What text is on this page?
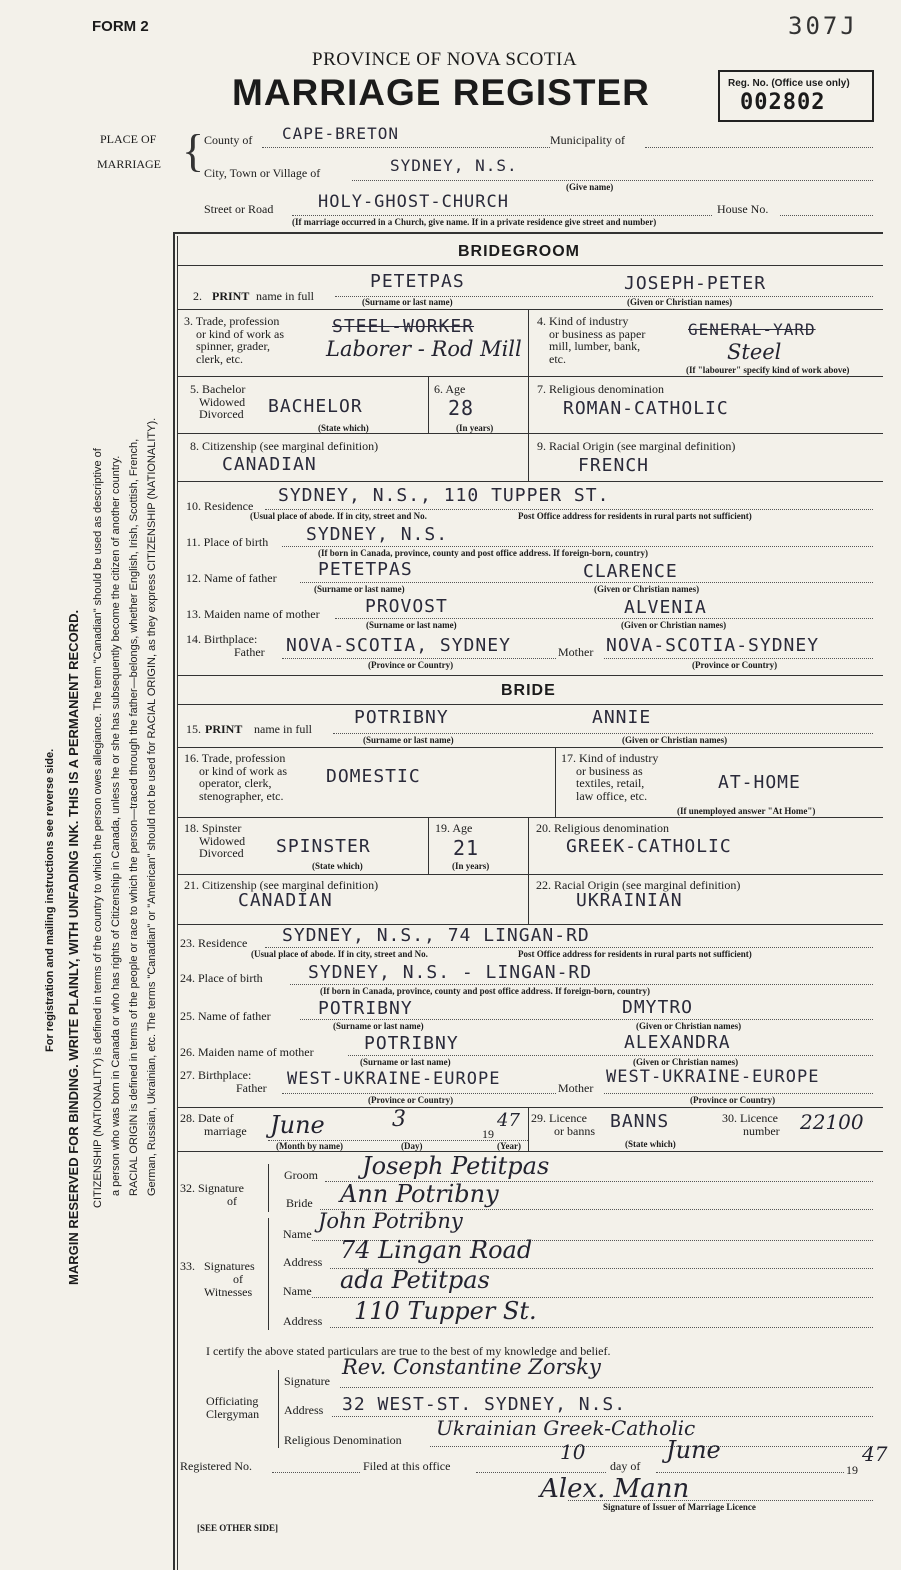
FORM 2	307J
PROVINCE OF NOVA SCOTIA
MARRIAGE REGISTER	Reg. No. (Office use only)
002802
PLACE OF
MARRIAGE { County of CAPE-BRETON	Municipality of
City, Town or Village of	SYDNEY, N.S.
(Give name)
Street or Road	HOLY-GHOST-CHURCH	House No.
(If marriage occurred in a Church, give name. If in a private residence give street and number)
BRIDEGROOM
2. PRINT name in full
PETETPAS	JOSEPH-PETER
(Surname or last name)	(Given or Christian names)
3. Trade, profession
or kind of work as
spinner, grader,
clerk, etc.
STEEL-WORKER
Laborer - Rod Mill
4. Kind of industry
or business as paper
mill, lumber, bank,
etc.
GENERAL-YARD
Steel
(If "labourer" specify kind of work above)
5. Bachelor
Widowed
Divorced BACHELOR
(State which)
6. Age
28
(In years)
7. Religious denomination
ROMAN-CATHOLIC
8. Citizenship (see marginal definition)
CANADIAN
9. Racial Origin (see marginal definition)
FRENCH
10. Residence SYDNEY, N.S., 110 TUPPER ST.
(Usual place of abode. If in city, street and No.	Post Office address for residents in rural parts not sufficient)
11. Place of birth SYDNEY, N.S.
(If born in Canada, province, county and post office address. If foreign-born, country)
12. Name of father PETETPAS	CLARENCE
(Surname or last name)	(Given or Christian names)
13. Maiden name of mother	PROVOST	ALVENIA
(Surname or last name)	(Given or Christian names)
14. Birthplace:
Father NOVA-SCOTIA, SYDNEY	Mother NOVA-SCOTIA-SYDNEY
(Province or Country)	(Province or Country)
BRIDE
15. PRINT name in full
POTRIBNY	ANNIE
(Surname or last name)	(Given or Christian names)
16. Trade, profession
or kind of work as
operator, clerk,
stenographer, etc.
DOMESTIC
17. Kind of industry
or business as
textiles, retail,
law office, etc.
AT-HOME
(If unemployed answer "At Home")
18. Spinster
Widowed
Divorced SPINSTER
(State which)
19. Age
21
(In years)
20. Religious denomination
GREEK-CATHOLIC
21. Citizenship (see marginal definition)
CANADIAN
22. Racial Origin (see marginal definition)
UKRAINIAN
23. Residence SYDNEY, N.S., 74 LINGAN-RD
(Usual place of abode. If in city, street and No.	Post Office address for residents in rural parts not sufficient)
24. Place of birth	SYDNEY, N.S. - LINGAN-RD
(If born in Canada, province, county and post office address. If foreign-born, country)
25. Name of father	POTRIBNY	DMYTRO
(Surname or last name)	(Given or Christian names)
26. Maiden name of mother	POTRIBNY	ALEXANDRA
(Surname or last name)	(Given or Christian names)
27. Birthplace:
Father WEST-UKRAINE-EUROPE	Mother
WEST-UKRAINE-EUROPE
(Province or Country)	(Province or Country)
28. Date of
marriage June	3
19
47
(Month by name)	(Day)	(Year)
29. Licence
or banns BANNS
(State which)
30. Licence
number 22100
32. Signature
of
Groom Joseph Petitpas
Bride Ann Potribny
33. Signatures
of
Witnesses
Name
John Potribny
Address 74 Lingan Road
Name ada Petitpas
Address 110 Tupper St.
I certify the above stated particulars are true to the best of my knowledge and belief.
Officiating
Clergyman
Signature
Rev. Constantine Zorsky
Address 32 WEST-ST. SYDNEY, N.S.
Religious Denomination Ukrainian Greek-Catholic
Registered No.	Filed at this office
10
day of
June
19
47
Alex. Mann
Signature of Issuer of Marriage Licence
[SEE OTHER SIDE]
For registration and mailing instructions see reverse side. MARGIN RESERVED FOR BINDING. WRITE PLAINLY, WITH UNFADING INK. THIS IS A PERMANENT RECORD. CITIZENSHIP (NATIONALITY) is defined in terms of the country to which the person owes allegiance. The term "Canadian" should be used as descriptive of a person who was born in Canada or who has rights of Citizenship in Canada, unless he or she has subsequently become the citizen of another country. RACIAL ORIGIN is defined in terms of the people or race to which the person—traced through the father—belongs, whether English, Irish, Scottish, French, German, Russian, Ukrainian, etc. The terms "Canadian" or "American" should not be used for RACIAL ORIGIN, as they express CITIZENSHIP (NATIONALITY).
